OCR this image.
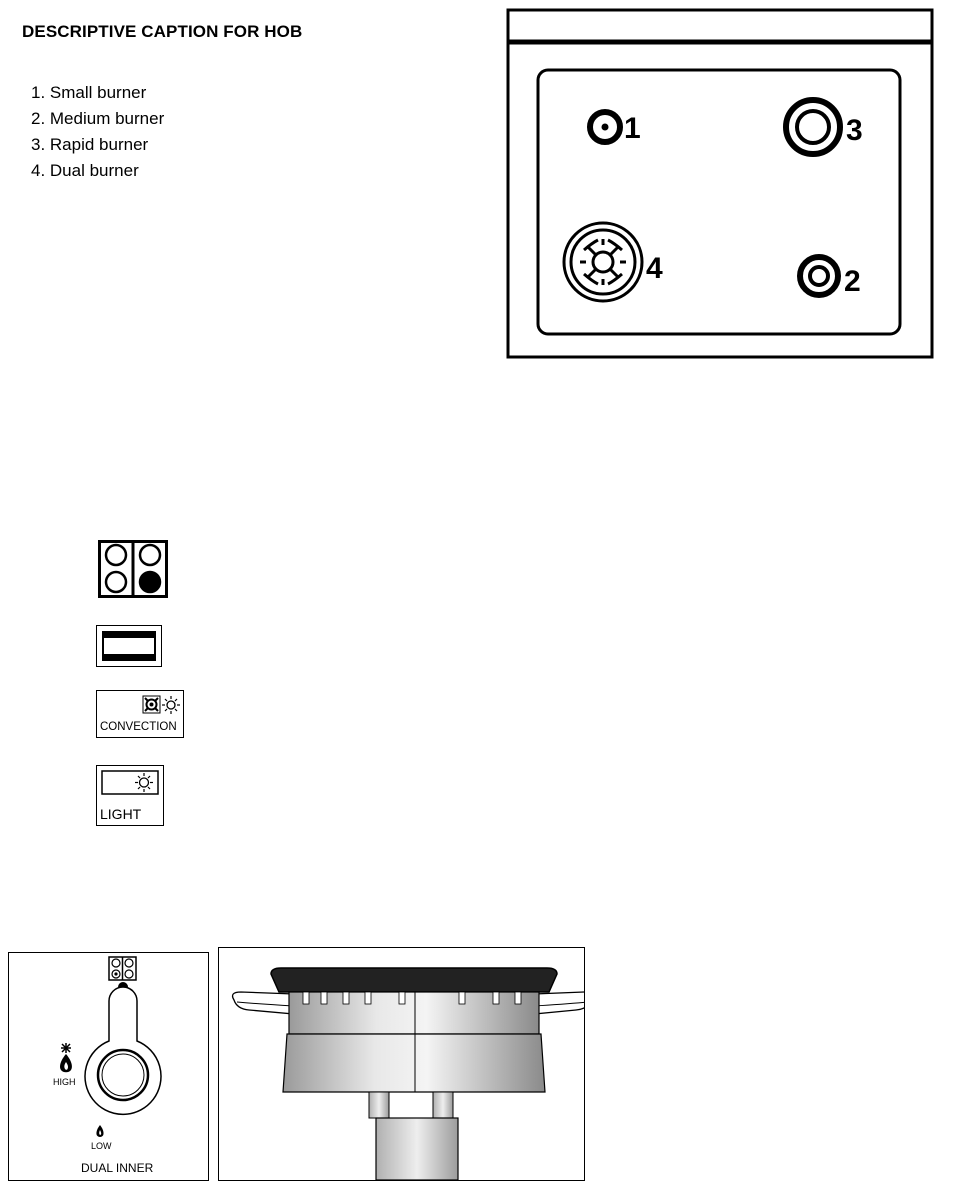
DESCRIPTIVE CAPTION FOR HOB
1. Small burner
2. Medium burner
3. Rapid burner
4. Dual burner
1	3
4	2
CONVECTION
LIGHT
HIGH
LOW
DUAL INNER
